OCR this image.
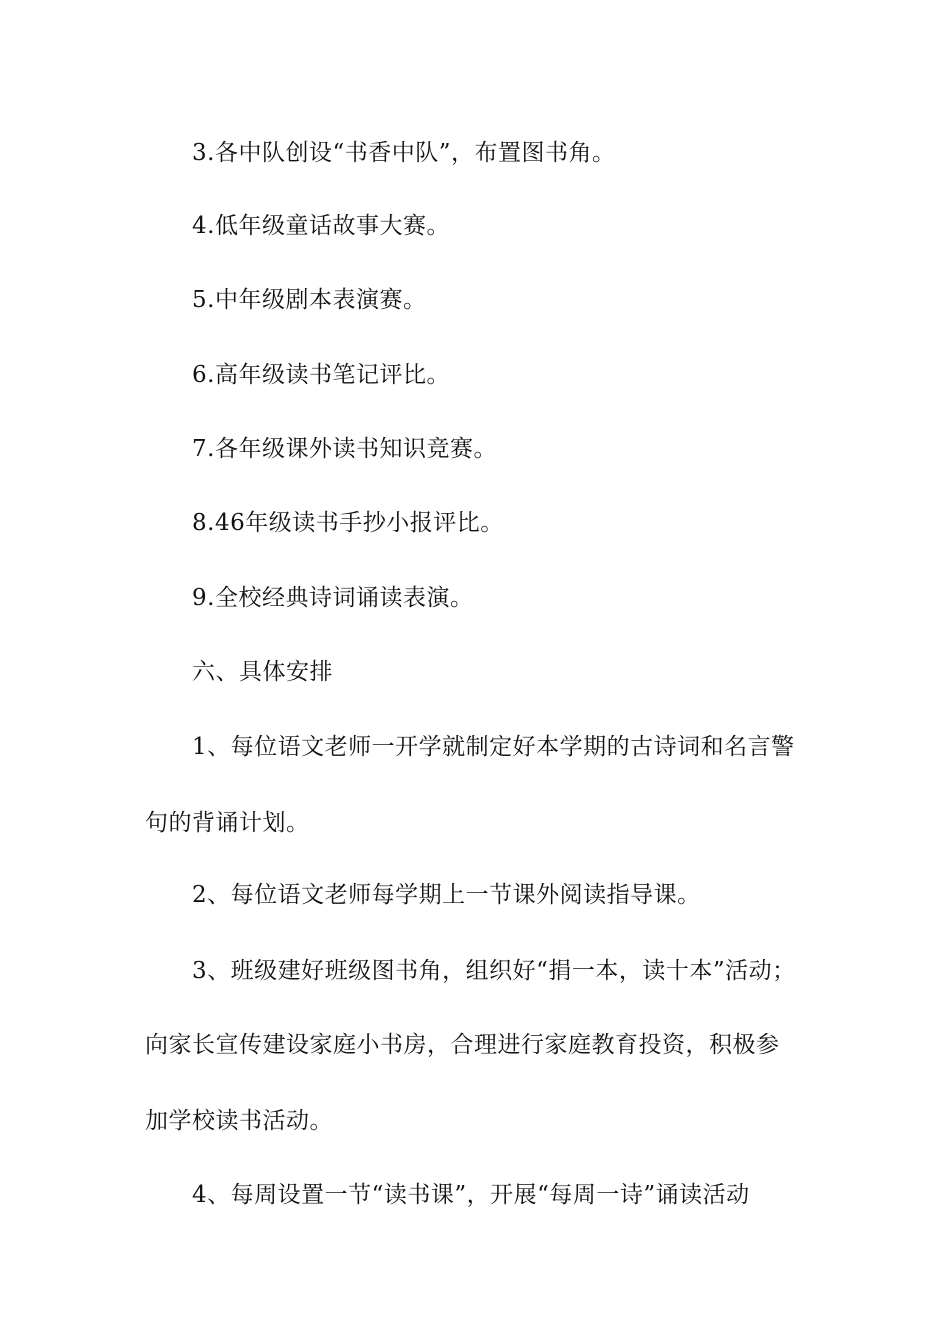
3.各中队创设“书香中队”，布置图书角。

4.低年级童话故事大赛。

5.中年级剧本表演赛。

6.高年级读书笔记评比。

7.各年级课外读书知识竞赛。

8.46年级读书手抄小报评比。

9.全校经典诗词诵读表演。

六、具体安排

1、每位语文老师一开学就制定好本学期的古诗词和名言警

句的背诵计划。

2、每位语文老师每学期上一节课外阅读指导课。

3、班级建好班级图书角，组织好“捐一本，读十本”活动；

向家长宣传建设家庭小书房，合理进行家庭教育投资，积极参

加学校读书活动。

4、每周设置一节“读书课”，开展“每周一诗”诵读活动
